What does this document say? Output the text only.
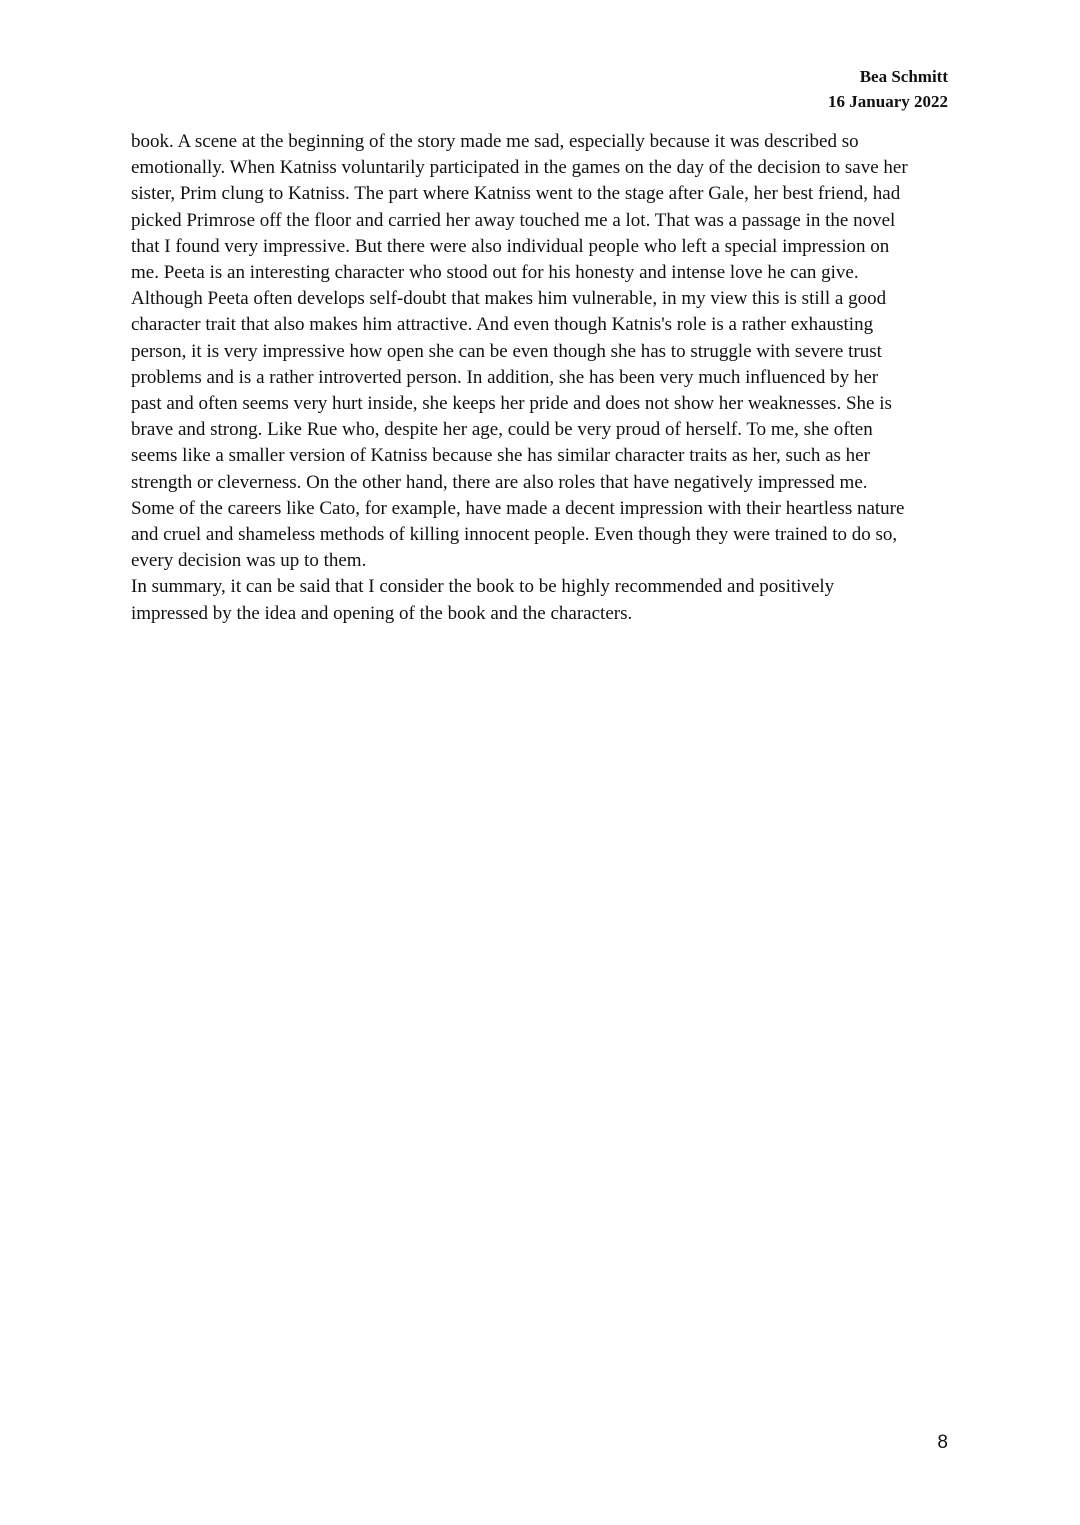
Bea Schmitt
16 January 2022
book. A scene at the beginning of the story made me sad, especially because it was described so
emotionally. When Katniss voluntarily participated in the games on the day of the decision to save her
sister, Prim clung to Katniss. The part where Katniss went to the stage after Gale, her best friend, had
picked Primrose off the floor and carried her away touched me a lot. That was a passage in the novel
that I found very impressive. But there were also individual people who left a special impression on
me. Peeta is an interesting character who stood out for his honesty and intense love he can give.
Although Peeta often develops self-doubt that makes him vulnerable, in my view this is still a good
character trait that also makes him attractive. And even though Katnis's role is a rather exhausting
person, it is very impressive how open she can be even though she has to struggle with severe trust
problems and is a rather introverted person. In addition, she has been very much influenced by her
past and often seems very hurt inside, she keeps her pride and does not show her weaknesses. She is
brave and strong. Like Rue who, despite her age, could be very proud of herself. To me, she often
seems like a smaller version of Katniss because she has similar character traits as her, such as her
strength or cleverness. On the other hand, there are also roles that have negatively impressed me.
Some of the careers like Cato, for example, have made a decent impression with their heartless nature
and cruel and shameless methods of killing innocent people. Even though they were trained to do so,
every decision was up to them.
In summary, it can be said that I consider the book to be highly recommended and positively
impressed by the idea and opening of the book and the characters.
8
